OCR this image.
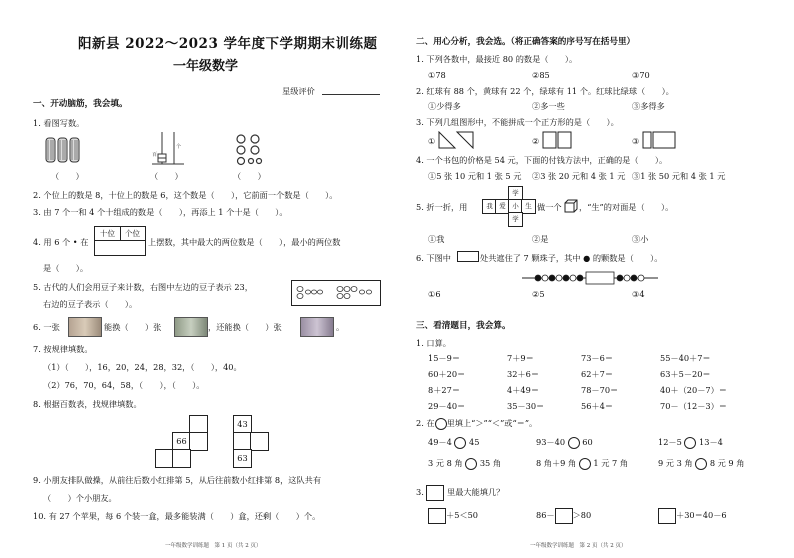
阳新县 2022～2023 学年度下学期期末训练题
一年级数学
星级评价
一、开动脑筋，我会填。
1. 看图写数。
百
个
（　　）	（　　）	（　　）
2. 个位上的数是 8，十位上的数是 6，这个数是（　　），它前面一个数是（　　）。
3. 由 7 个一和 4 个十组成的数是（　　），再添上 1 个十是（　　）。
4. 用 6 个 • 在
十位	个位
上摆数，其中最大的两位数是（　　），最小的两位数
是（　　）。
5. 古代的人们会用豆子来计数，右图中左边的豆子表示 23，
右边的豆子表示（　　）。
6. 一张	能换（　　）张	，还能换（　　）张	。
7. 按规律填数。
（1）（　　），16，20，24，28，32，（　　），40。
（2）76，70，64，58，（　　），（　　）。
8. 根据百数表，找规律填数。
66
43
63
9. 小朋友排队做操，从前往后数小红排第 5，从后往前数小红排第 8，这队共有
（　　）个小朋友。
10. 有 27 个苹果，每 6 个装一盒，最多能装满（　　）盒，还剩（　　）个。
一年级数学训练题　第 1 页（共 2 页）
二、用心分析，我会选。（将正确答案的序号写在括号里）
1. 下列各数中，最接近 80 的数是（　　）。
①78	②85	③70
2. 红球有 88 个，黄球有 22 个，绿球有 11 个。红球比绿球（　　）。
①少得多	②多一些	③多得多
3. 下列几组图形中，不能拼成一个正方形的是（　　）。
①	②	③
4. 一个书包的价格是 54 元，下面的付钱方法中，正确的是（　　）。
①5 张 10 元和 1 张 5 元 ②3 张 20 元和 4 张 1 元 ③1 张 50 元和 4 张 1 元
5. 折一折，用
学
我	爱	小	生
学
做一个 ，“生”的对面是（　　）。
①我	②是	③小
6. 下图中	处共遮住了 7 颗珠子，其中 ● 的颗数是（　　）。
①6	②5	③4
三、看清题目，我会算。
1. 口算。
15－9＝	7＋9＝	73－6＝	55－40＋7＝
60＋20＝	32＋6＝	62＋7＝	63＋5－20＝
8＋27＝	4＋49＝	78－70＝	40＋（20－7）＝
29－40＝	35－30＝	56＋4＝	70－（12－3）＝
2. 在 里填上“＞”“＜”或“＝”。
49－4 45	93－40 60	12－5 13－4
3 元 8 角 35 角	8 角＋9 角 1 元 7 角	9 元 3 角 8 元 9 角
3.	里最大能填几？
＋5＜50	86－ ＞80	＋30＝40－6
一年级数学训练题　第 2 页（共 2 页）
